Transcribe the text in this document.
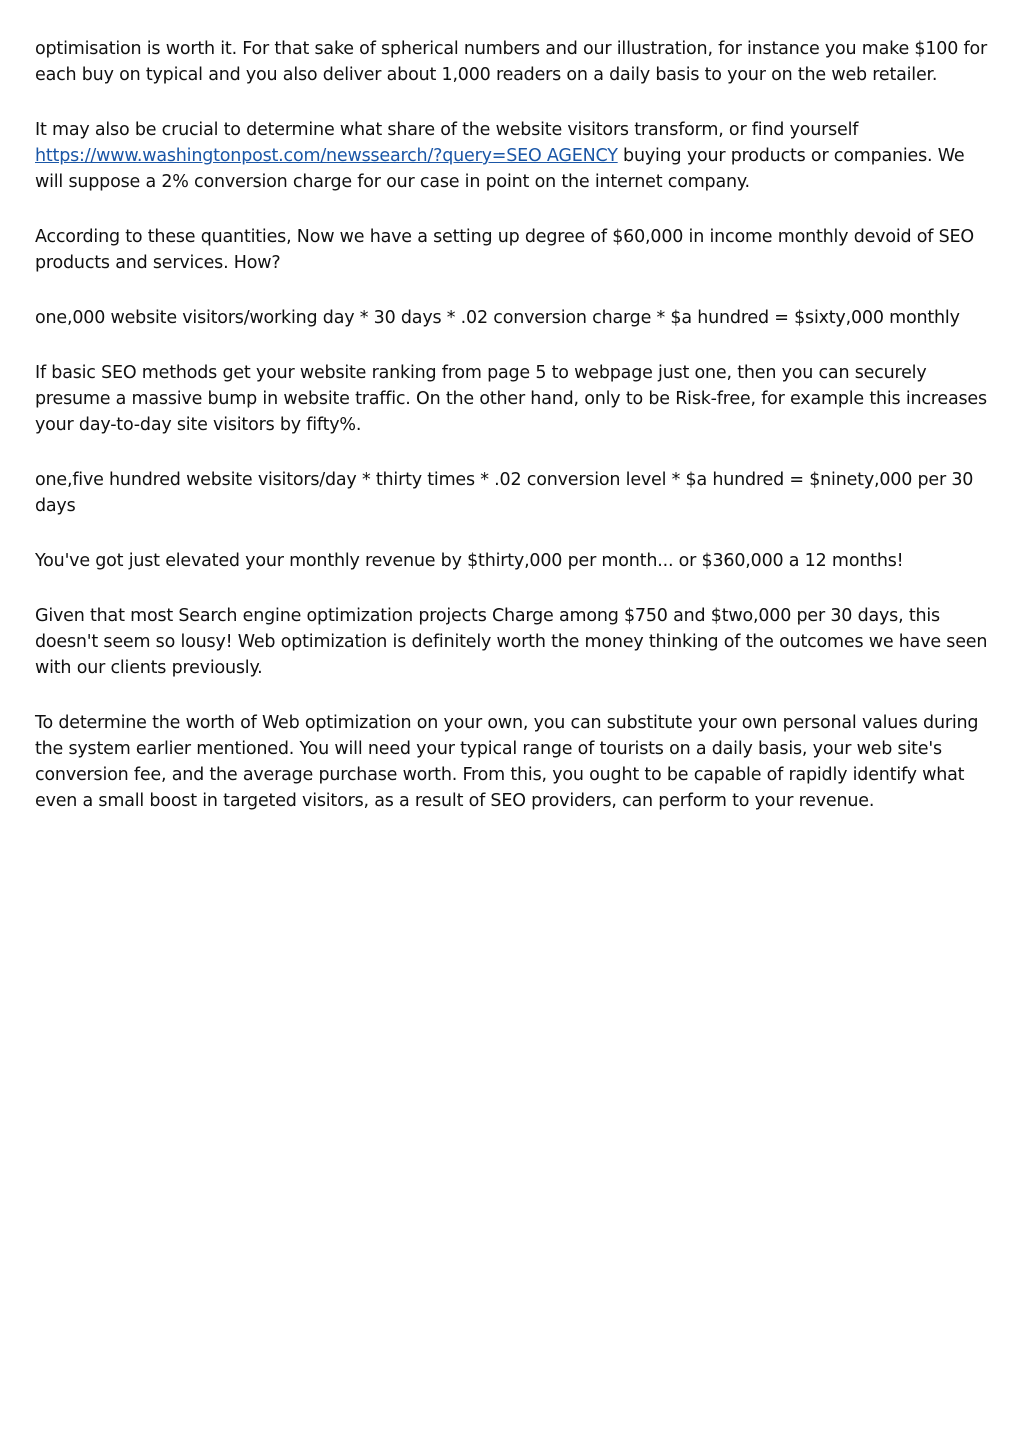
optimisation is worth it. For that sake of spherical numbers and our illustration, for instance you make $100 for each buy on typical and you also deliver about 1,000 readers on a daily basis to your on the web retailer.

It may also be crucial to determine what share of the website visitors transform, or find yourself https://www.washingtonpost.com/newssearch/?query=SEO AGENCY buying your products or companies. We will suppose a 2% conversion charge for our case in point on the internet company.

According to these quantities, Now we have a setting up degree of $60,000 in income monthly devoid of SEO products and services. How?

one,000 website visitors/working day * 30 days * .02 conversion charge * $a hundred = $sixty,000 monthly

If basic SEO methods get your website ranking from page 5 to webpage just one, then you can securely presume a massive bump in website traffic. On the other hand, only to be Risk-free, for example this increases your day-to-day site visitors by fifty%.

one,five hundred website visitors/day * thirty times * .02 conversion level * $a hundred = $ninety,000 per 30 days

You've got just elevated your monthly revenue by $thirty,000 per month... or $360,000 a 12 months!

Given that most Search engine optimization projects Charge among $750 and $two,000 per 30 days, this doesn't seem so lousy! Web optimization is definitely worth the money thinking of the outcomes we have seen with our clients previously.

To determine the worth of Web optimization on your own, you can substitute your own personal values during the system earlier mentioned. You will need your typical range of tourists on a daily basis, your web site's conversion fee, and the average purchase worth. From this, you ought to be capable of rapidly identify what even a small boost in targeted visitors, as a result of SEO providers, can perform to your revenue.
